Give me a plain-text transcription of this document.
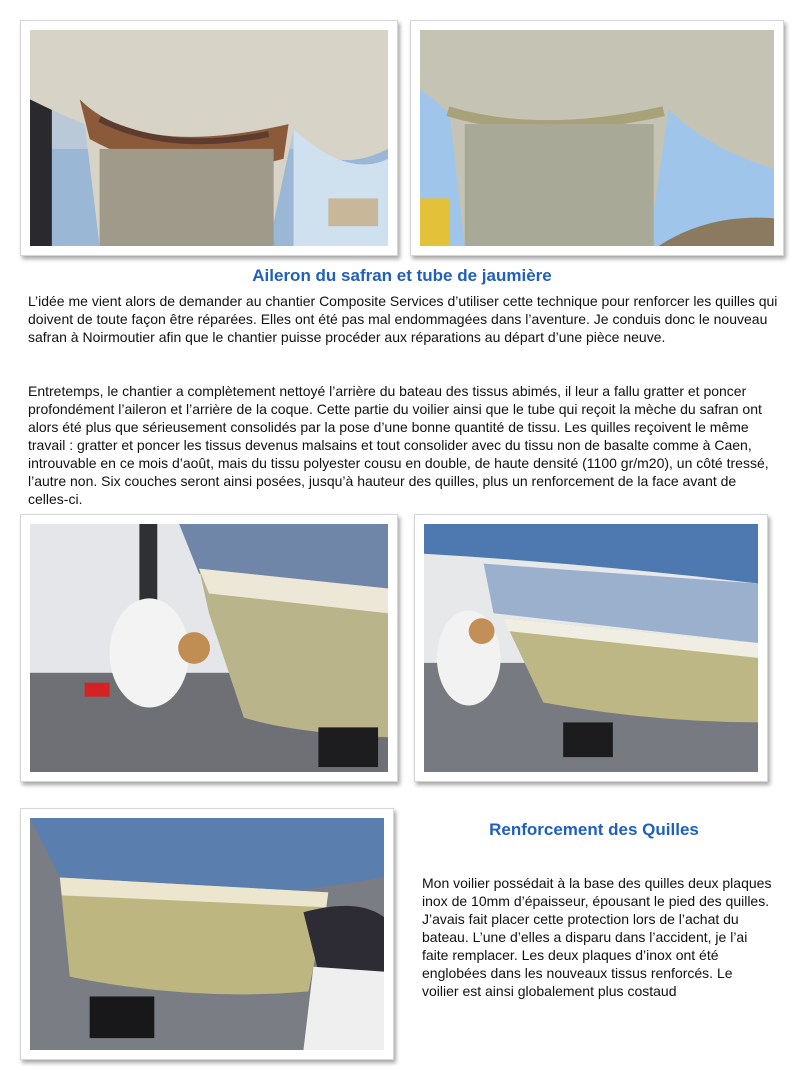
Aileron du safran et tube de jaumière

L’idée me vient alors de demander au chantier Composite Services d’utiliser cette technique pour renforcer les quilles qui doivent de toute façon être réparées. Elles ont été pas mal endommagées dans l’aventure. Je conduis donc le nouveau safran à Noirmoutier afin que le chantier puisse procéder aux réparations au départ d’une pièce neuve.

Entretemps, le chantier a complètement nettoyé l’arrière du bateau des tissus abimés, il leur a fallu gratter et poncer profondément l’aileron et l’arrière de la coque. Cette partie du voilier ainsi que le tube qui reçoit la mèche du safran ont alors été plus que sérieusement consolidés par la pose d’une bonne quantité de tissu. Les quilles reçoivent le même travail : gratter et poncer les tissus devenus malsains et tout consolider avec du tissu non de basalte comme à Caen, introuvable en ce mois d’août, mais du tissu polyester cousu en double, de haute densité (1100 gr/m20), un côté tressé, l’autre non. Six couches seront ainsi posées, jusqu’à hauteur des quilles, plus un renforcement de la face avant de celles-ci.

Renforcement des Quilles

Mon voilier possédait à la base des quilles deux plaques inox de 10mm d’épaisseur, épousant le pied des quilles. J’avais fait placer cette protection lors de l’achat du bateau. L’une d’elles a disparu dans l’accident, je l’ai faite remplacer. Les deux plaques d’inox ont été englobées dans les nouveaux tissus renforcés. Le voilier est ainsi globalement plus costaud
